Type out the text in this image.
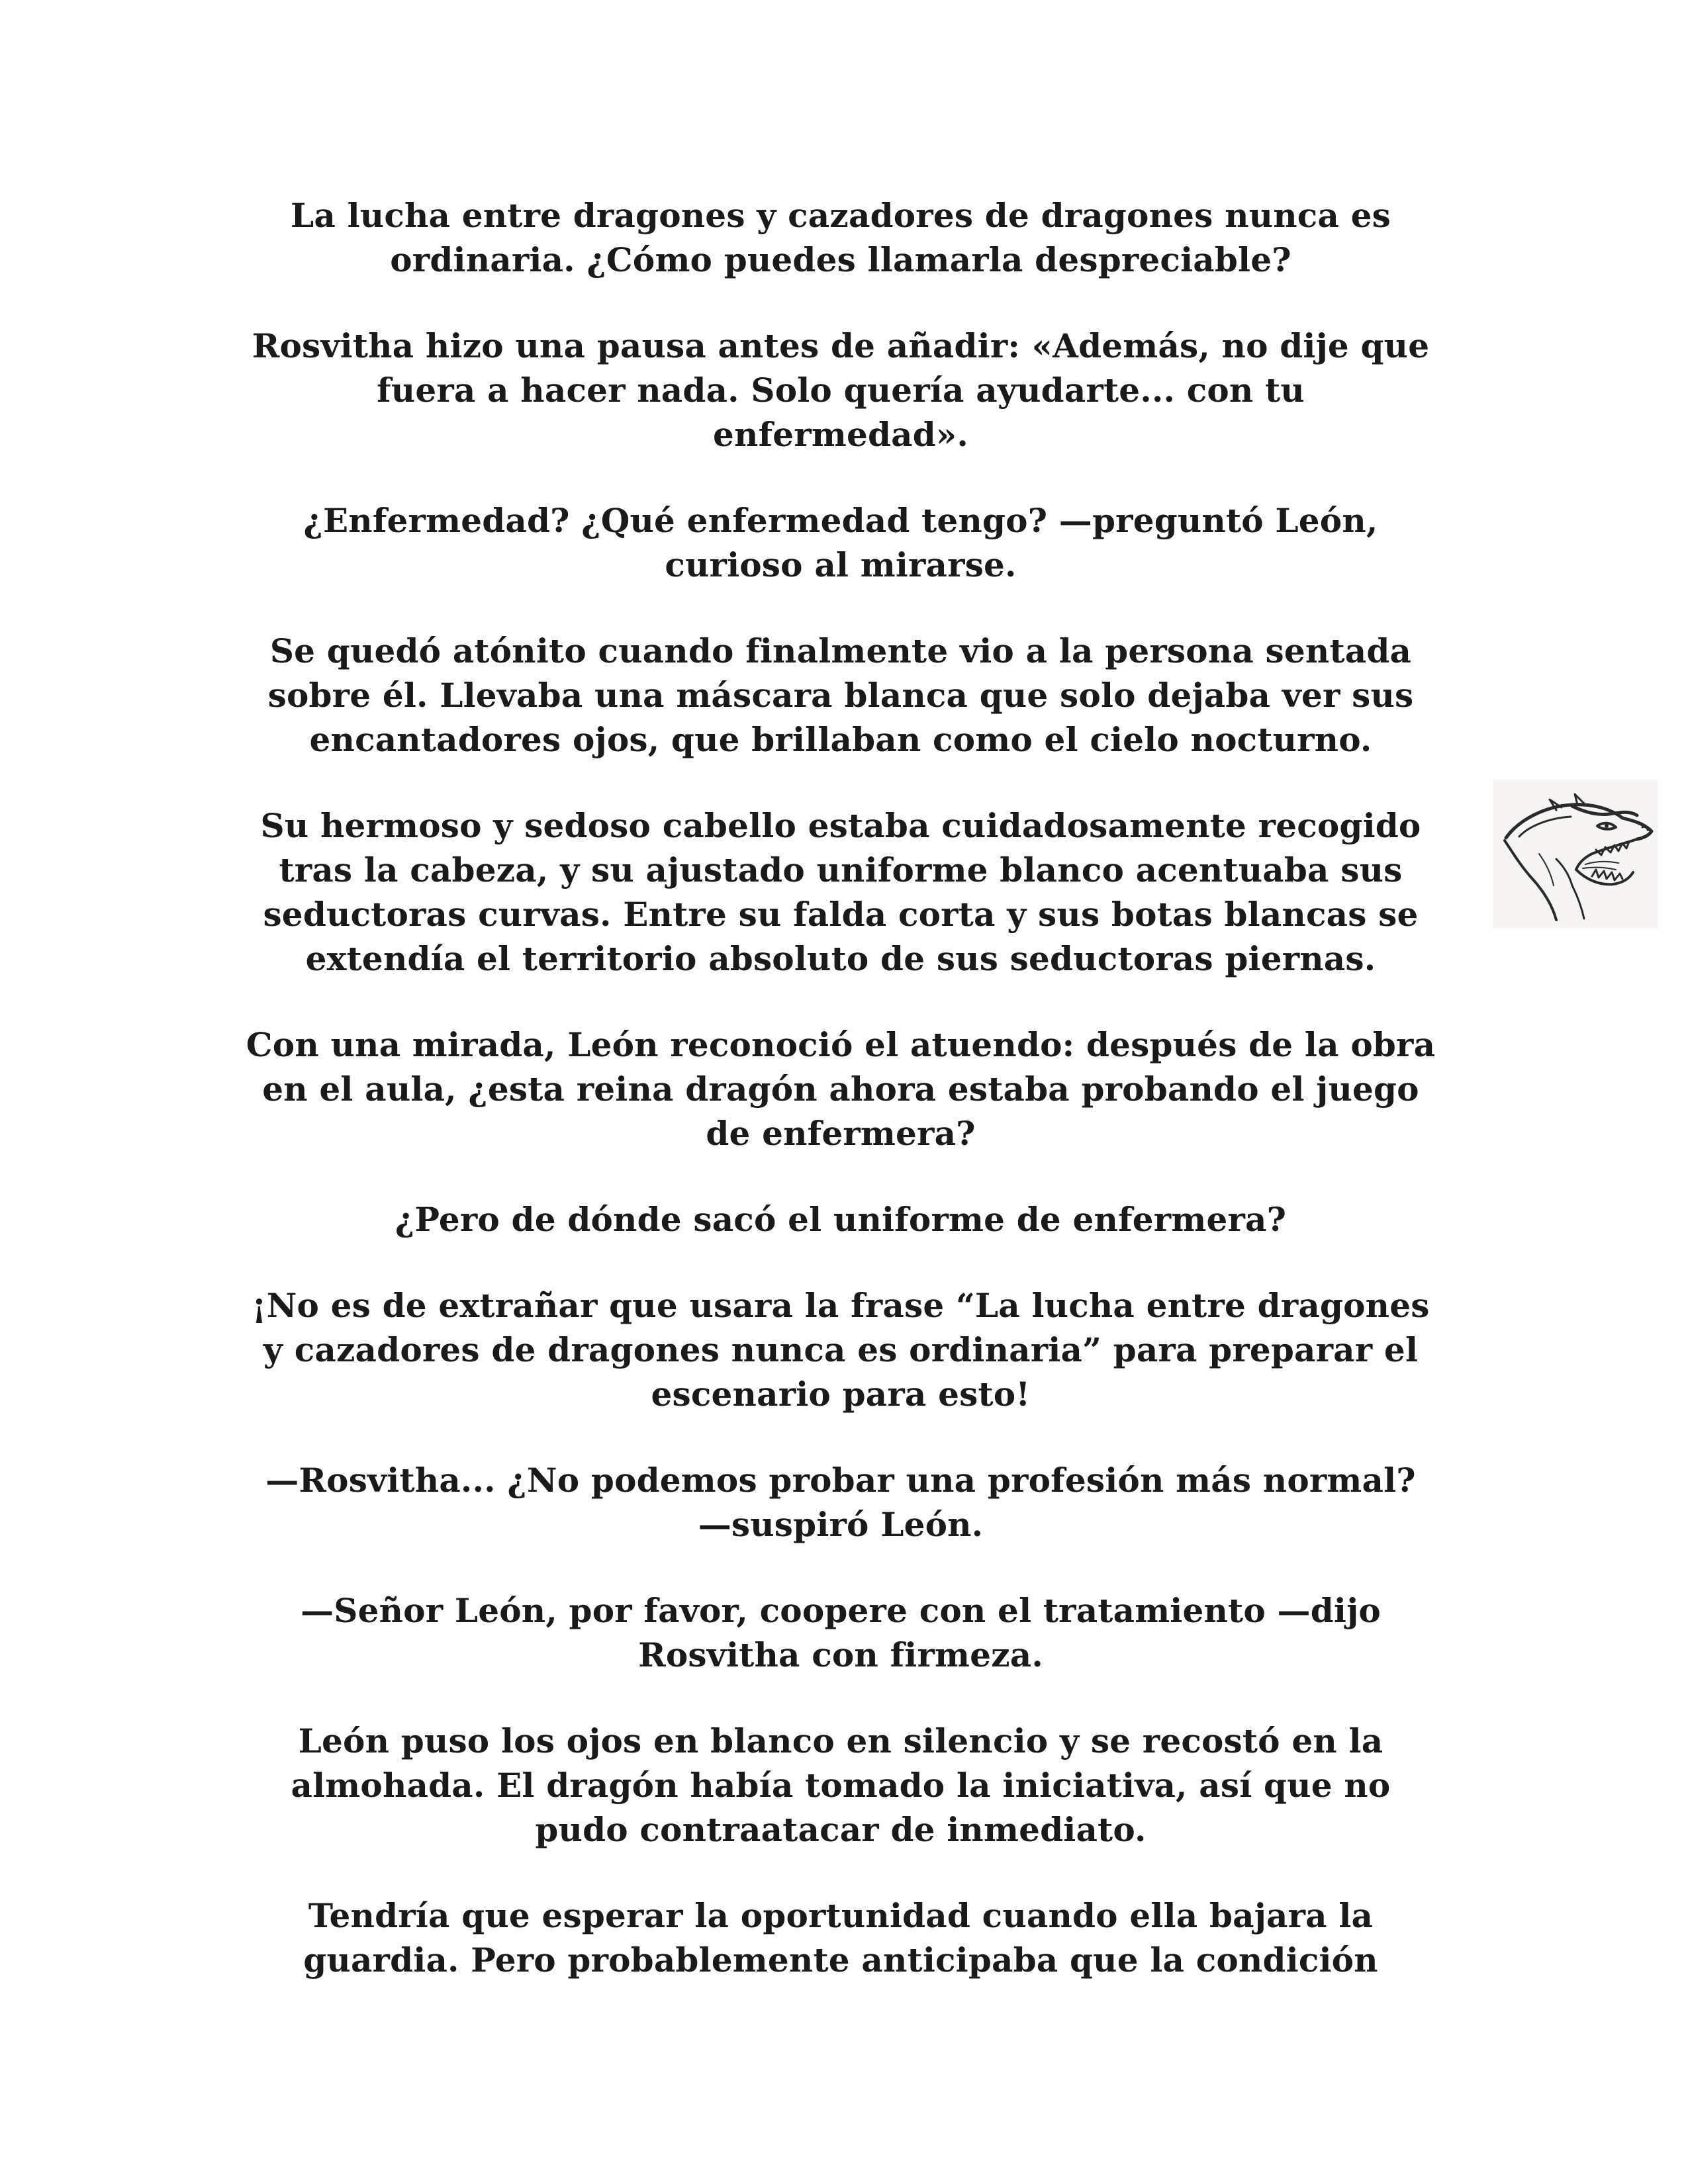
La lucha entre dragones y cazadores de dragones nunca es
ordinaria. ¿Cómo puedes llamarla despreciable?

Rosvitha hizo una pausa antes de añadir: «Además, no dije que
fuera a hacer nada. Solo quería ayudarte... con tu
enfermedad».

¿Enfermedad? ¿Qué enfermedad tengo? —preguntó León,
curioso al mirarse.

Se quedó atónito cuando finalmente vio a la persona sentada
sobre él. Llevaba una máscara blanca que solo dejaba ver sus
encantadores ojos, que brillaban como el cielo nocturno.

Su hermoso y sedoso cabello estaba cuidadosamente recogido
tras la cabeza, y su ajustado uniforme blanco acentuaba sus
seductoras curvas. Entre su falda corta y sus botas blancas se
extendía el territorio absoluto de sus seductoras piernas.

Con una mirada, León reconoció el atuendo: después de la obra
en el aula, ¿esta reina dragón ahora estaba probando el juego
de enfermera?

¿Pero de dónde sacó el uniforme de enfermera?

¡No es de extrañar que usara la frase “La lucha entre dragones
y cazadores de dragones nunca es ordinaria” para preparar el
escenario para esto!

—Rosvitha... ¿No podemos probar una profesión más normal?
—suspiró León.

—Señor León, por favor, coopere con el tratamiento —dijo
Rosvitha con firmeza.

León puso los ojos en blanco en silencio y se recostó en la
almohada. El dragón había tomado la iniciativa, así que no
pudo contraatacar de inmediato.

Tendría que esperar la oportunidad cuando ella bajara la
guardia. Pero probablemente anticipaba que la condición
